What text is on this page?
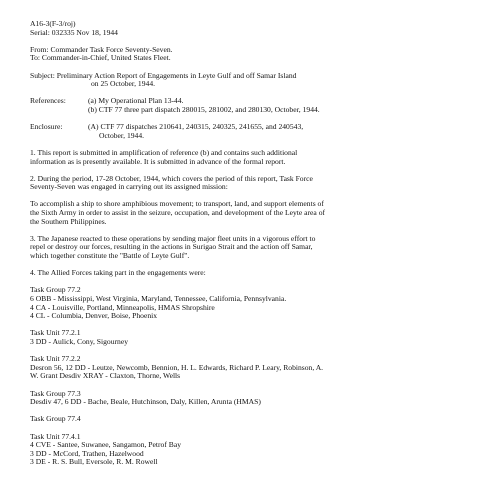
A16-3(F-3/roj)
Serial: 032335 Nov 18, 1944
From: Commander Task Force Seventy-Seven.
To: Commander-in-Chief, United States Fleet.
Subject: Preliminary Action Report of Engagements in Leyte Gulf and off Samar Island
on 25 October, 1944.
References:	(a) My Operational Plan 13-44.
(b) CTF 77 three part dispatch 280015, 281002, and 280130, October, 1944.
Enclosure:	(A) CTF 77 dispatches 210641, 240315, 240325, 241655, and 240543,
October, 1944.
1. This report is submitted in amplification of reference (b) and contains such additional
information as is presently available. It is submitted in advance of the formal report.
2. During the period, 17-28 October, 1944, which covers the period of this report, Task Force
Seventy-Seven was engaged in carrying out its assigned mission:
To accomplish a ship to shore amphibious movement; to transport, land, and support elements of
the Sixth Army in order to assist in the seizure, occupation, and development of the Leyte area of
the Southern Philippines.
3. The Japanese reacted to these operations by sending major fleet units in a vigorous effort to
repel or destroy our forces, resulting in the actions in Surigao Strait and the action off Samar,
which together constitute the "Battle of Leyte Gulf".
4. The Allied Forces taking part in the engagements were:
Task Group 77.2
6 OBB - Mississippi, West Virginia, Maryland, Tennessee, California, Pennsylvania.
4 CA - Louisville, Portland, Minneapolis, HMAS Shropshire
4 CL - Columbia, Denver, Boise, Phoenix
Task Unit 77.2.1
3 DD - Aulick, Cony, Sigourney
Task Unit 77.2.2
Desron 56, 12 DD - Leutze, Newcomb, Bennion, H. L. Edwards, Richard P. Leary, Robinson, A.
W. Grant Desdiv XRAY - Claxton, Thorne, Wells
Task Group 77.3
Desdiv 47, 6 DD - Bache, Beale, Hutchinson, Daly, Killen, Arunta (HMAS)
Task Group 77.4
Task Unit 77.4.1
4 CVE - Santee, Suwanee, Sangamon, Petrof Bay
3 DD - McCord, Trathen, Hazelwood
3 DE - R. S. Bull, Eversole, R. M. Rowell
